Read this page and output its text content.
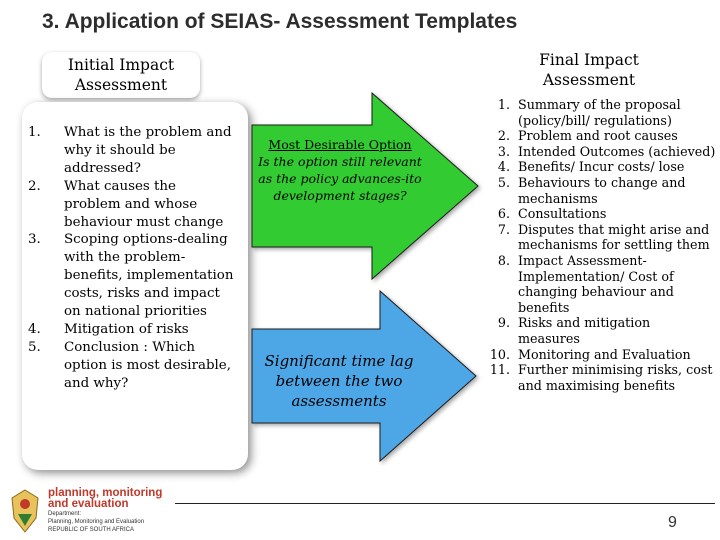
3. Application of SEIAS- Assessment Templates
Initial Impact Assessment
1. What is the problem and why it should be addressed?
2. What causes the problem and whose behaviour must change
3. Scoping options-dealing with the problem-benefits, implementation costs, risks and impact on national priorities
4. Mitigation of risks
5. Conclusion : Which option is most desirable, and why?
Final Impact Assessment
1. Summary of the proposal (policy/bill/ regulations)
2. Problem and root causes
3. Intended Outcomes (achieved)
4. Benefits/ Incur costs/ lose
5. Behaviours to change and mechanisms
6. Consultations
7. Disputes that might arise and mechanisms for settling them
8. Impact Assessment-Implementation/ Cost of changing behaviour and benefits
9. Risks and mitigation measures
10. Monitoring and Evaluation
11. Further minimising risks, cost and maximising benefits
Most Desirable Option
Is the option still relevant as the policy advances-ito development stages?
Significant time lag between the two assessments
planning, monitoring
and evaluation
Department:
Planning, Monitoring and Evaluation
REPUBLIC OF SOUTH AFRICA	9
